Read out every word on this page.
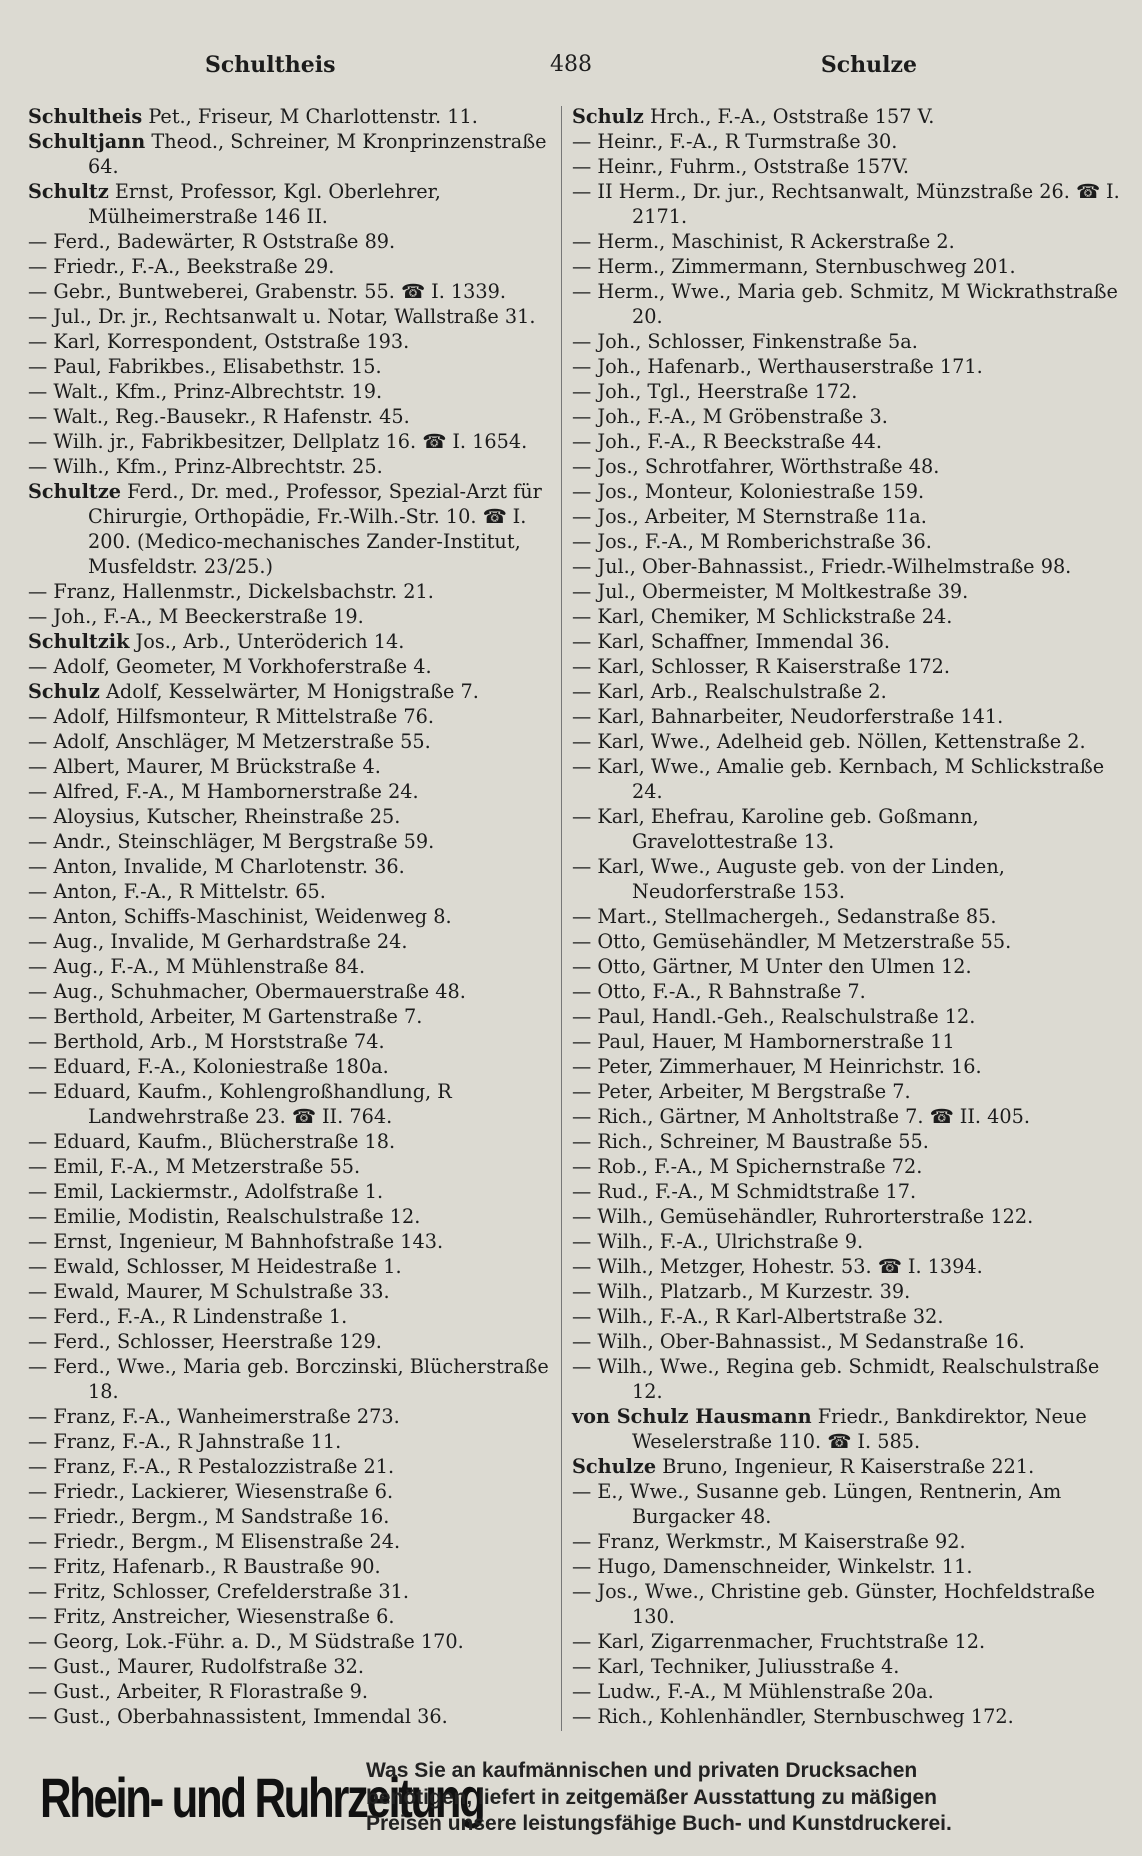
Schultheis	488	Schulze

Schultheis Pet., Friseur, M Charlottenstr. 11.

Schultjann Theod., Schreiner, M Kronprinzenstraße 64.

Schultz Ernst, Professor, Kgl. Oberlehrer, Mülheimerstraße 146 II.

— Ferd., Badewärter, R Oststraße 89.

— Friedr., F.-A., Beekstraße 29.

— Gebr., Buntweberei, Grabenstr. 55. ☎ I. 1339.

— Jul., Dr. jr., Rechtsanwalt u. Notar, Wallstraße 31.

— Karl, Korrespondent, Oststraße 193.

— Paul, Fabrikbes., Elisabethstr. 15.

— Walt., Kfm., Prinz-Albrechtstr. 19.

— Walt., Reg.-Bausekr., R Hafenstr. 45.

— Wilh. jr., Fabrikbesitzer, Dellplatz 16. ☎ I. 1654.

— Wilh., Kfm., Prinz-Albrechtstr. 25.

Schultze Ferd., Dr. med., Professor, Spezial-Arzt für Chirurgie, Orthopädie, Fr.-Wilh.-Str. 10. ☎ I. 200. (Medico-mechanisches Zander-Institut, Musfeldstr. 23/25.)

— Franz, Hallenmstr., Dickelsbachstr. 21.

— Joh., F.-A., M Beeckerstraße 19.

Schultzik Jos., Arb., Unteröderich 14.

— Adolf, Geometer, M Vorkhoferstraße 4.

Schulz Adolf, Kesselwärter, M Honigstraße 7.

— Adolf, Hilfsmonteur, R Mittelstraße 76.

— Adolf, Anschläger, M Metzerstraße 55.

— Albert, Maurer, M Brückstraße 4.

— Alfred, F.-A., M Hambornerstraße 24.

— Aloysius, Kutscher, Rheinstraße 25.

— Andr., Steinschläger, M Bergstraße 59.

— Anton, Invalide, M Charlotenstr. 36.

— Anton, F.-A., R Mittelstr. 65.

— Anton, Schiffs-Maschinist, Weidenweg 8.

— Aug., Invalide, M Gerhardstraße 24.

— Aug., F.-A., M Mühlenstraße 84.

— Aug., Schuhmacher, Obermauerstraße 48.

— Berthold, Arbeiter, M Gartenstraße 7.

— Berthold, Arb., M Horststraße 74.

— Eduard, F.-A., Koloniestraße 180a.

— Eduard, Kaufm., Kohlengroßhandlung, R Landwehrstraße 23. ☎ II. 764.

— Eduard, Kaufm., Blücherstraße 18.

— Emil, F.-A., M Metzerstraße 55.

— Emil, Lackiermstr., Adolfstraße 1.

— Emilie, Modistin, Realschulstraße 12.

— Ernst, Ingenieur, M Bahnhofstraße 143.

— Ewald, Schlosser, M Heidestraße 1.

— Ewald, Maurer, M Schulstraße 33.

— Ferd., F.-A., R Lindenstraße 1.

— Ferd., Schlosser, Heerstraße 129.

— Ferd., Wwe., Maria geb. Borczinski, Blücherstraße 18.

— Franz, F.-A., Wanheimerstraße 273.

— Franz, F.-A., R Jahnstraße 11.

— Franz, F.-A., R Pestalozzistraße 21.

— Friedr., Lackierer, Wiesenstraße 6.

— Friedr., Bergm., M Sandstraße 16.

— Friedr., Bergm., M Elisenstraße 24.

— Fritz, Hafenarb., R Baustraße 90.

— Fritz, Schlosser, Crefelderstraße 31.

— Fritz, Anstreicher, Wiesenstraße 6.

— Georg, Lok.-Führ. a. D., M Südstraße 170.

— Gust., Maurer, Rudolfstraße 32.

— Gust., Arbeiter, R Florastraße 9.

— Gust., Oberbahnassistent, Immendal 36.

Schulz Hrch., F.-A., Oststraße 157 V.

— Heinr., F.-A., R Turmstraße 30.

— Heinr., Fuhrm., Oststraße 157V.

— II Herm., Dr. jur., Rechtsanwalt, Münzstraße 26. ☎ I. 2171.

— Herm., Maschinist, R Ackerstraße 2.

— Herm., Zimmermann, Sternbuschweg 201.

— Herm., Wwe., Maria geb. Schmitz, M Wickrathstraße 20.

— Joh., Schlosser, Finkenstraße 5a.

— Joh., Hafenarb., Werthauserstraße 171.

— Joh., Tgl., Heerstraße 172.

— Joh., F.-A., M Gröbenstraße 3.

— Joh., F.-A., R Beeckstraße 44.

— Jos., Schrotfahrer, Wörthstraße 48.

— Jos., Monteur, Koloniestraße 159.

— Jos., Arbeiter, M Sternstraße 11a.

— Jos., F.-A., M Romberichstraße 36.

— Jul., Ober-Bahnassist., Friedr.-Wilhelmstraße 98.

— Jul., Obermeister, M Moltkestraße 39.

— Karl, Chemiker, M Schlickstraße 24.

— Karl, Schaffner, Immendal 36.

— Karl, Schlosser, R Kaiserstraße 172.

— Karl, Arb., Realschulstraße 2.

— Karl, Bahnarbeiter, Neudorferstraße 141.

— Karl, Wwe., Adelheid geb. Nöllen, Kettenstraße 2.

— Karl, Wwe., Amalie geb. Kernbach, M Schlickstraße 24.

— Karl, Ehefrau, Karoline geb. Goßmann, Gravelottestraße 13.

— Karl, Wwe., Auguste geb. von der Linden, Neudorferstraße 153.

— Mart., Stellmachergeh., Sedanstraße 85.

— Otto, Gemüsehändler, M Metzerstraße 55.

— Otto, Gärtner, M Unter den Ulmen 12.

— Otto, F.-A., R Bahnstraße 7.

— Paul, Handl.-Geh., Realschulstraße 12.

— Paul, Hauer, M Hambornerstraße 11

— Peter, Zimmerhauer, M Heinrichstr. 16.

— Peter, Arbeiter, M Bergstraße 7.

— Rich., Gärtner, M Anholtstraße 7. ☎ II. 405.

— Rich., Schreiner, M Baustraße 55.

— Rob., F.-A., M Spichernstraße 72.

— Rud., F.-A., M Schmidtstraße 17.

— Wilh., Gemüsehändler, Ruhrorterstraße 122.

— Wilh., F.-A., Ulrichstraße 9.

— Wilh., Metzger, Hohestr. 53. ☎ I. 1394.

— Wilh., Platzarb., M Kurzestr. 39.

— Wilh., F.-A., R Karl-Albertstraße 32.

— Wilh., Ober-Bahnassist., M Sedanstraße 16.

— Wilh., Wwe., Regina geb. Schmidt, Realschulstraße 12.

von Schulz Hausmann Friedr., Bankdirektor, Neue Weselerstraße 110. ☎ I. 585.

Schulze Bruno, Ingenieur, R Kaiserstraße 221.

— E., Wwe., Susanne geb. Lüngen, Rentnerin, Am Burgacker 48.

— Franz, Werkmstr., M Kaiserstraße 92.

— Hugo, Damenschneider, Winkelstr. 11.

— Jos., Wwe., Christine geb. Günster, Hochfeldstraße 130.

— Karl, Zigarrenmacher, Fruchtstraße 12.

— Karl, Techniker, Juliusstraße 4.

— Ludw., F.-A., M Mühlenstraße 20a.

— Rich., Kohlenhändler, Sternbuschweg 172.

Rhein- und Ruhrzeitung
Was Sie an kaufmännischen und privaten Drucksachen
benötigen, liefert in zeitgemäßer Ausstattung zu mäßigen
Preisen unsere leistungsfähige Buch- und Kunstdruckerei.
